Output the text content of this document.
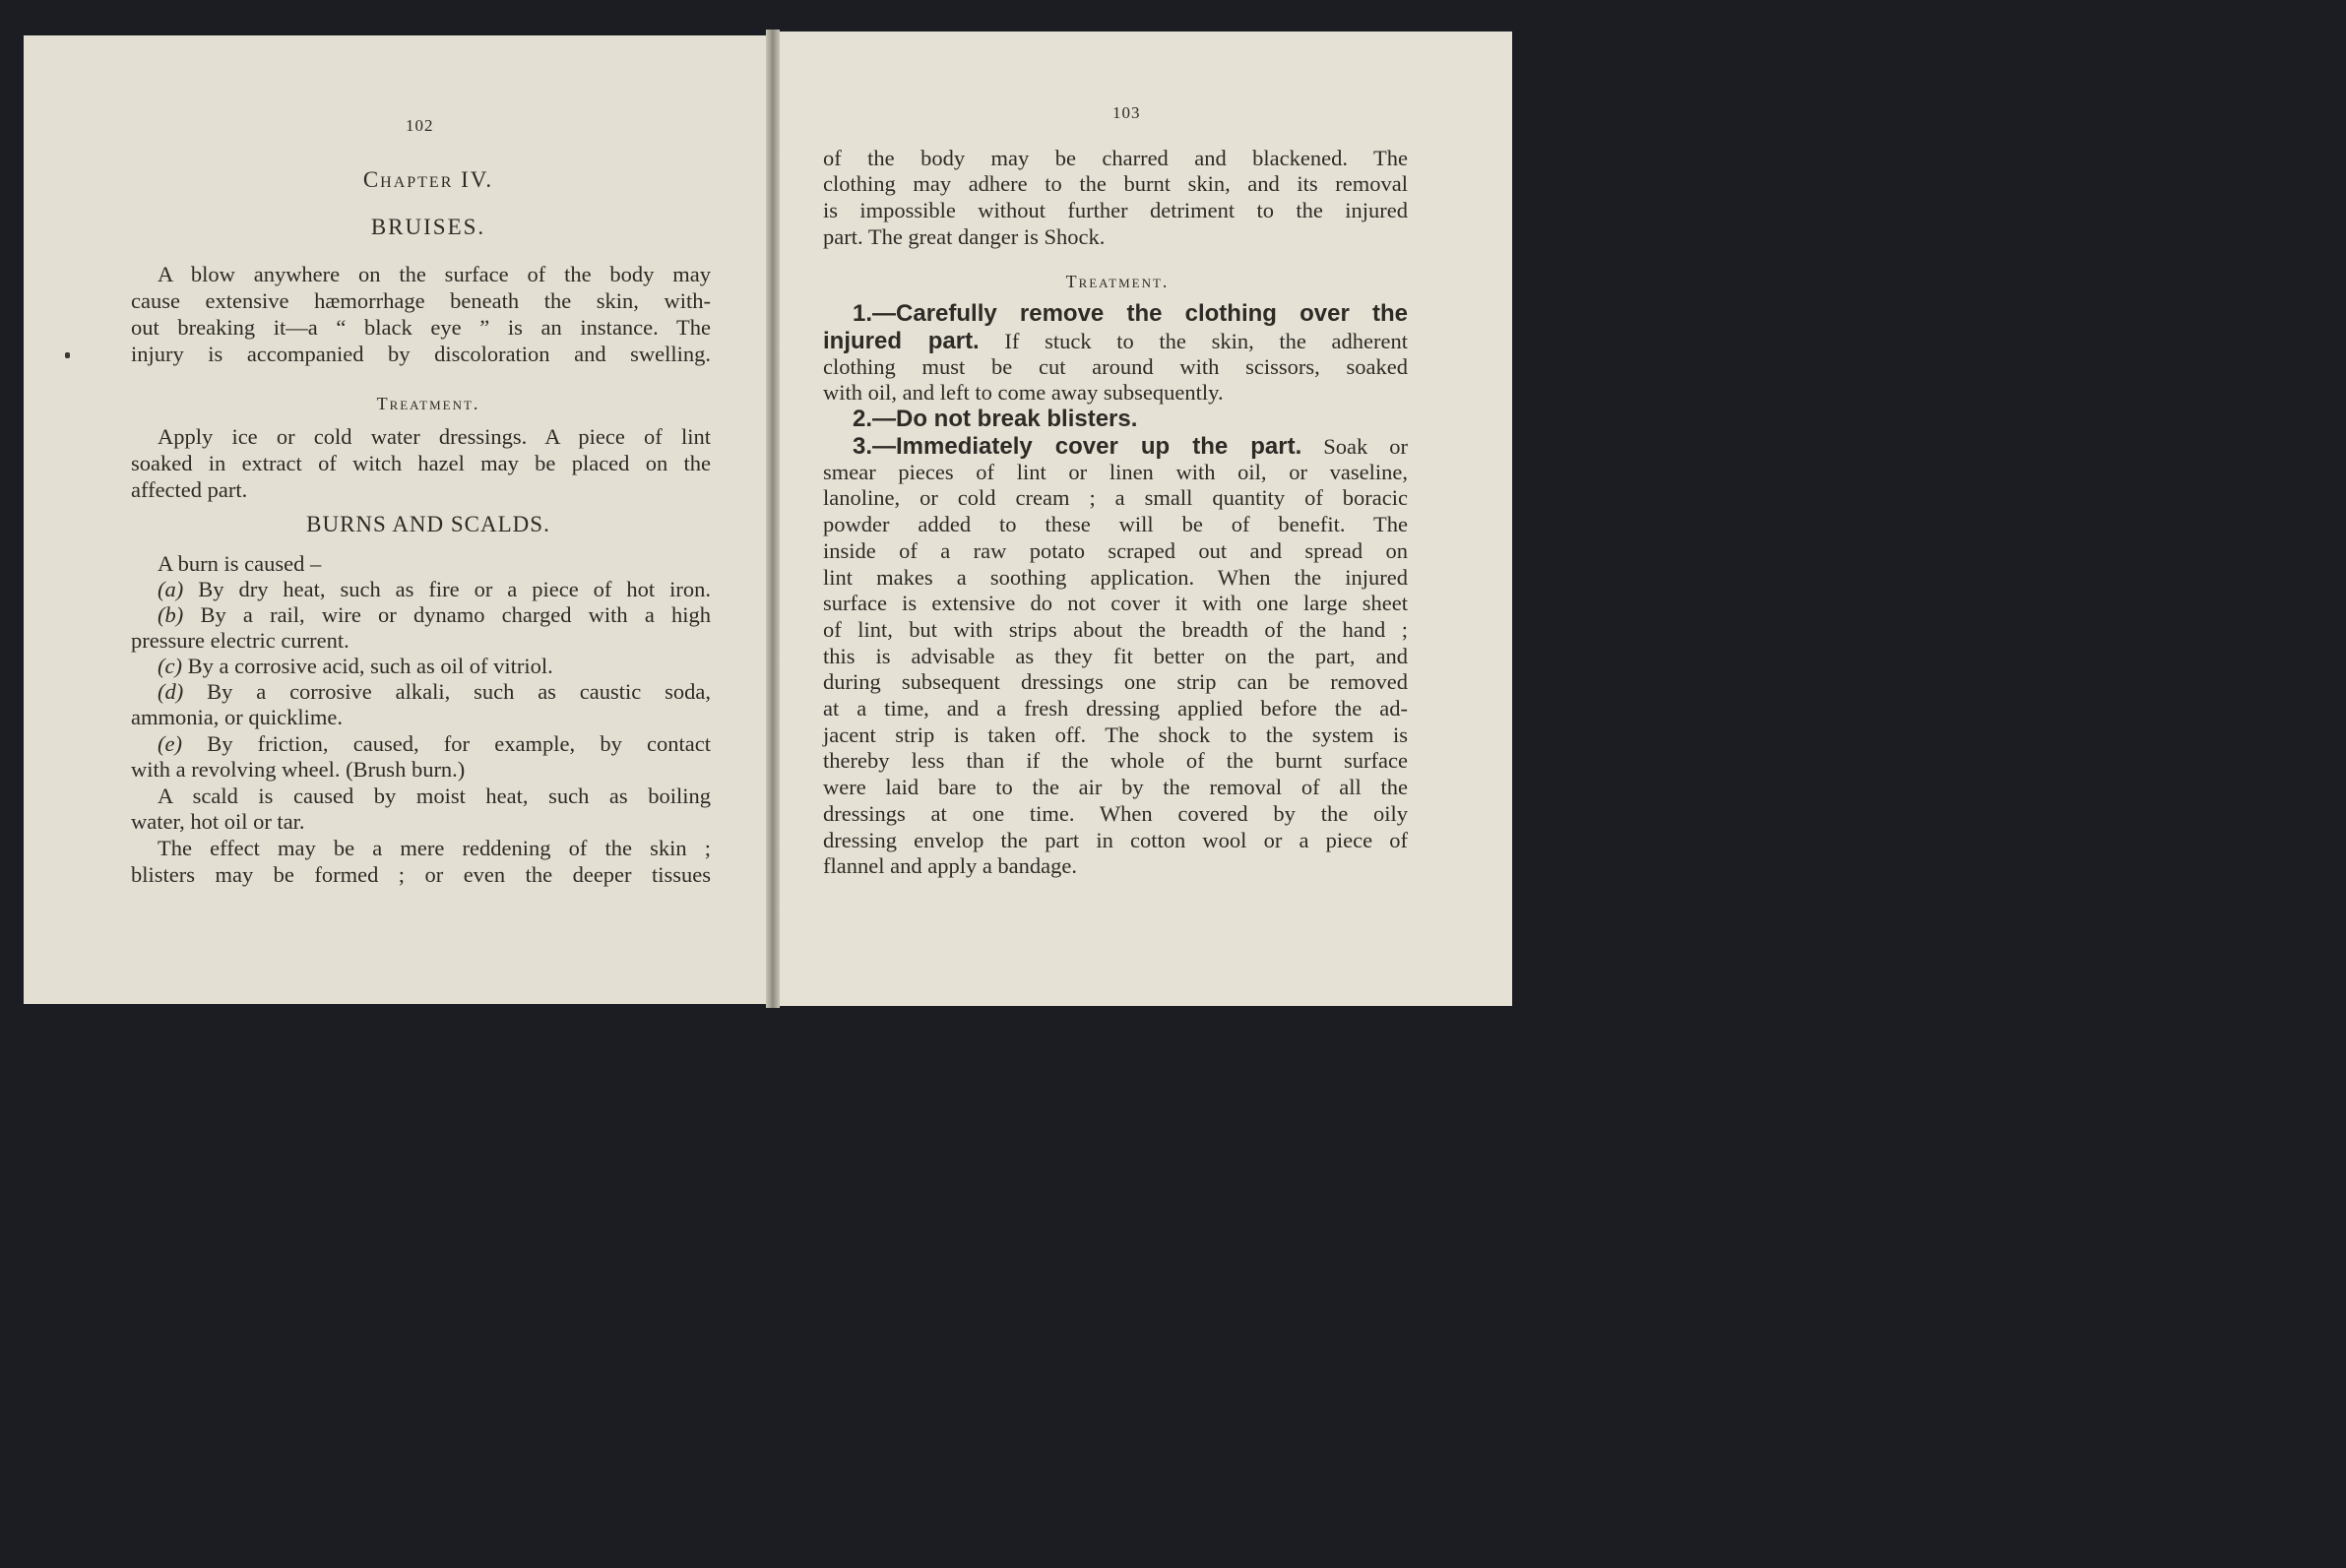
102
Chapter IV.
BRUISES.
A blow anywhere on the surface of the body may
cause extensive hæmorrhage beneath the skin, with-
out breaking it—a “ black eye ” is an instance. The
injury is accompanied by discoloration and swelling.
Treatment.
Apply ice or cold water dressings. A piece of lint
soaked in extract of witch hazel may be placed on the
affected part.
BURNS AND SCALDS.
A burn is caused –
(a) By dry heat, such as fire or a piece of hot iron.
(b) By a rail, wire or dynamo charged with a high
pressure electric current.
(c) By a corrosive acid, such as oil of vitriol.
(d) By a corrosive alkali, such as caustic soda,
ammonia, or quicklime.
(e) By friction, caused, for example, by contact
with a revolving wheel. (Brush burn.)
A scald is caused by moist heat, such as boiling
water, hot oil or tar.
The effect may be a mere reddening of the skin ;
blisters may be formed ; or even the deeper tissues
103
of the body may be charred and blackened. The
clothing may adhere to the burnt skin, and its removal
is impossible without further detriment to the injured
part. The great danger is Shock.
Treatment.
1.—Carefully remove the clothing over the
injured part. If stuck to the skin, the adherent
clothing must be cut around with scissors, soaked
with oil, and left to come away subsequently.
2.—Do not break blisters.
3.—Immediately cover up the part. Soak or
smear pieces of lint or linen with oil, or vaseline,
lanoline, or cold cream ; a small quantity of boracic
powder added to these will be of benefit. The
inside of a raw potato scraped out and spread on
lint makes a soothing application. When the injured
surface is extensive do not cover it with one large sheet
of lint, but with strips about the breadth of the hand ;
this is advisable as they fit better on the part, and
during subsequent dressings one strip can be removed
at a time, and a fresh dressing applied before the ad-
jacent strip is taken off. The shock to the system is
thereby less than if the whole of the burnt surface
were laid bare to the air by the removal of all the
dressings at one time. When covered by the oily
dressing envelop the part in cotton wool or a piece of
flannel and apply a bandage.
